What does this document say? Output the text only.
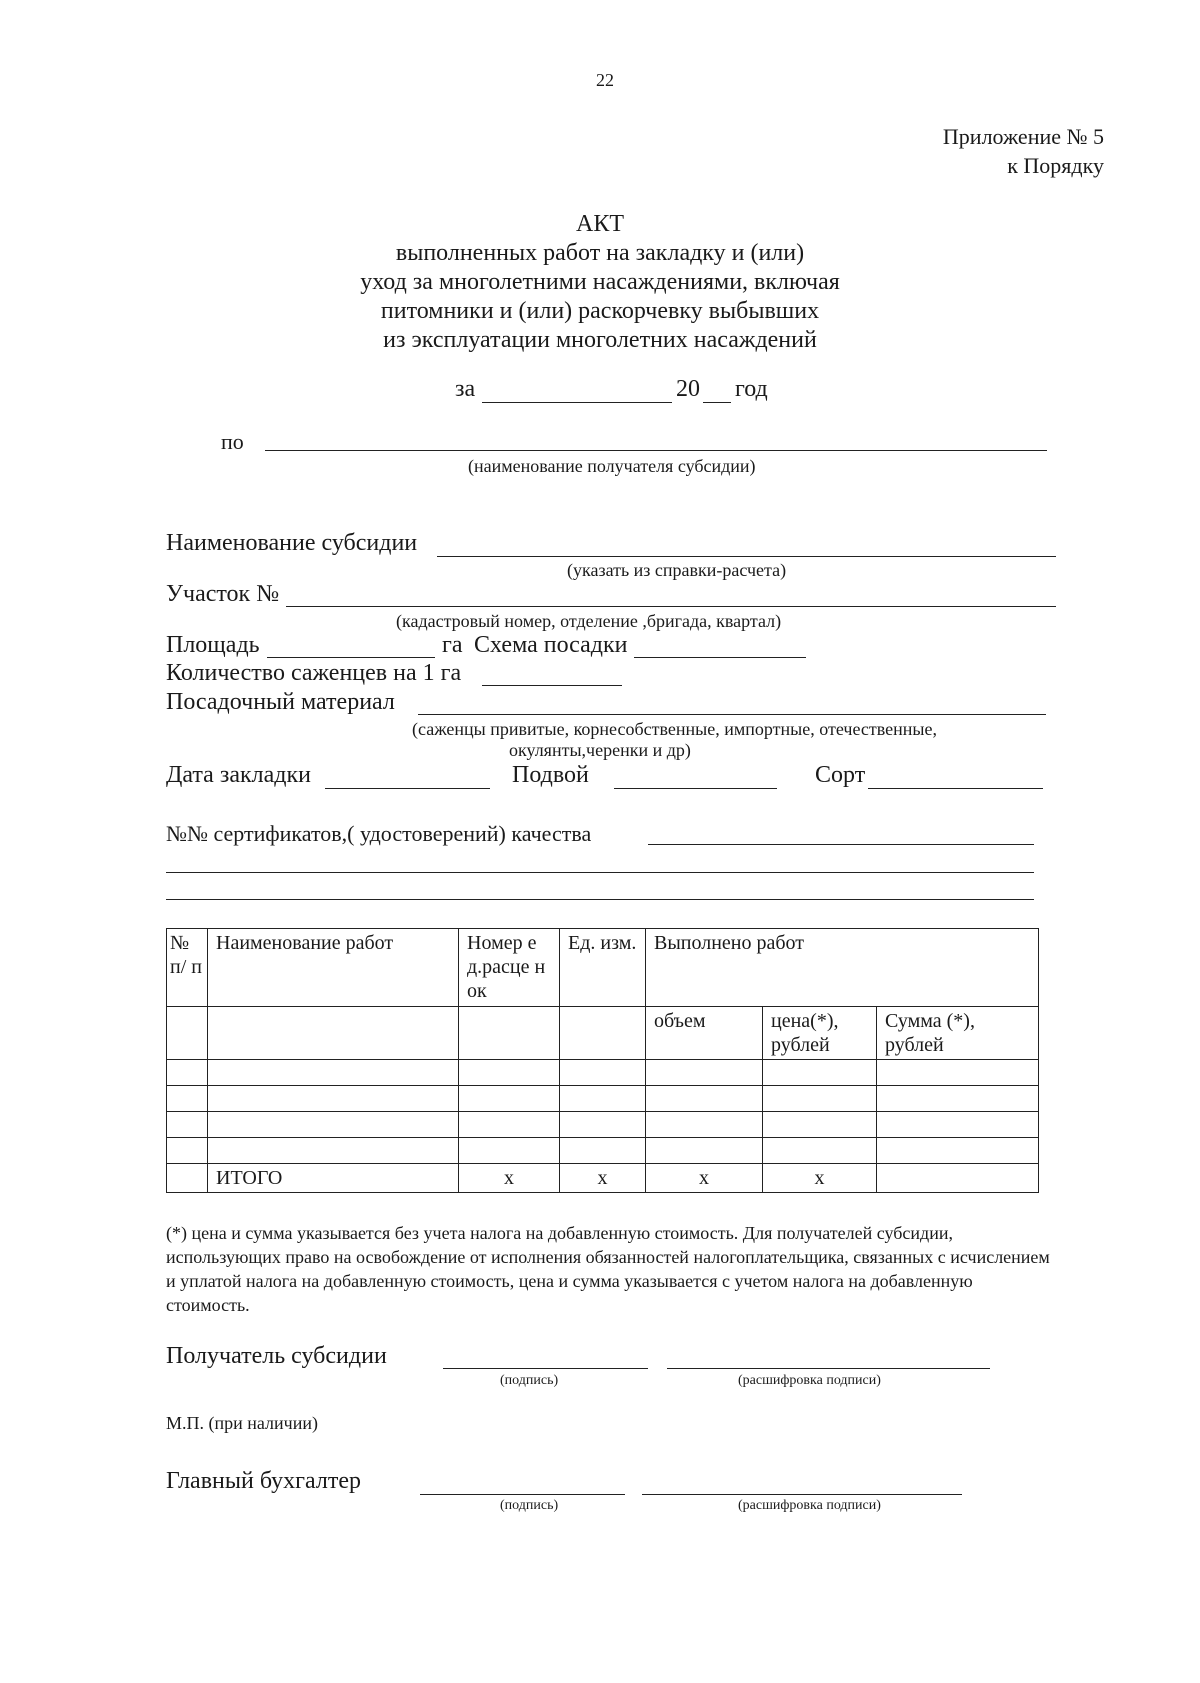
22
Приложение № 5
к Порядку
АКТ
выполненных работ на закладку и (или)
уход за многолетними насаждениями, включая
питомники и (или) раскорчевку выбывших
из эксплуатации многолетних насаждений
за	20 год
по
(наименование получателя субсидии)
Наименование субсидии
(указать из справки-расчета)
Участок №
(кадастровый номер, отделение ,бригада, квартал)
Площадь	га Схема посадки
Количество саженцев на 1 га
Посадочный материал
(саженцы привитые, корнесобственные, импортные, отечественные,
окулянты,черенки и др)
Дата закладки	Подвой	Сорт
№№ сертификатов,( удостоверений) качества
№ п/ п	Наименование работ	Номер ед.расце нок	Ед. изм.	Выполнено работ		
				объем	цена(*), рублей	Сумма (*), рублей

	ИТОГО	х	х	х	х	
(*) цена и сумма указывается без учета налога на добавленную стоимость. Для получателей субсидии, использующих право на освобождение от исполнения обязанностей налогоплательщика, связанных с исчислением и уплатой налога на добавленную стоимость, цена и сумма указывается с учетом налога на добавленную стоимость.
Получатель субсидии
(подпись)	(расшифровка подписи)
М.П. (при наличии)
Главный бухгалтер
(подпись)	(расшифровка подписи)
